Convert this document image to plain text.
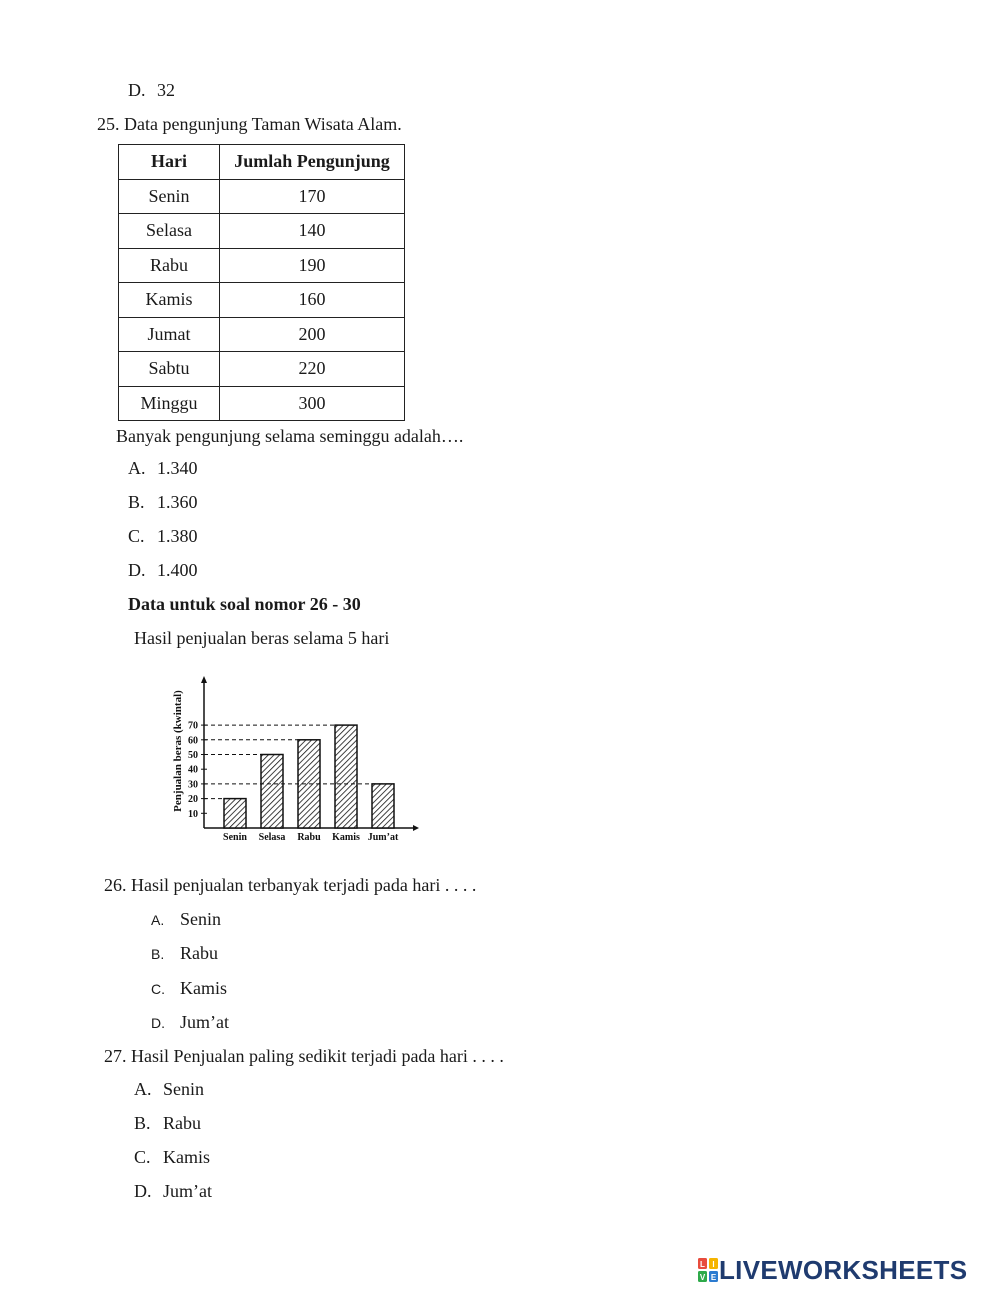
D. 32
25. Data pengunjung Taman Wisata Alam.
Hari	Jumlah Pengunjung
Senin	170
Selasa	140
Rabu	190
Kamis	160
Jumat	200
Sabtu	220
Minggu	300
Banyak pengunjung selama seminggu adalah….
A. 1.340
B. 1.360
C. 1.380
D. 1.400
Data untuk soal nomor 26 - 30
Hasil penjualan beras selama 5 hari
10
20
30
40
50
60
70
Senin Selasa Rabu Kamis Jum’at
Penjualan beras (kwintal)
26. Hasil penjualan terbanyak terjadi pada hari . . . .
A. Senin
B. Rabu
C. Kamis
D. Jum’at
27. Hasil Penjualan paling sedikit terjadi pada hari . . . .
A. Senin
B. Rabu
C. Kamis
D. Jum’at
L I
V E LIVEWORKSHEETS
